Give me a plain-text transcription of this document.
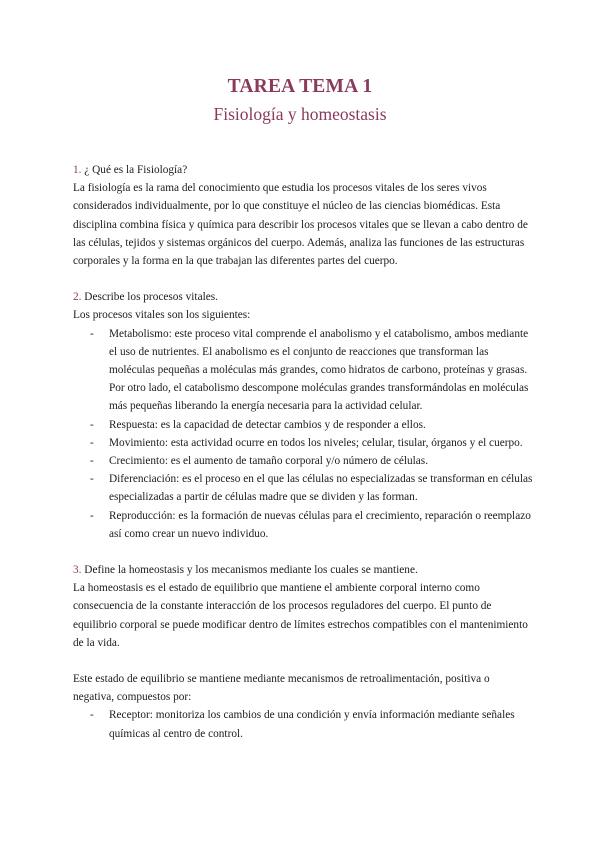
TAREA TEMA 1
Fisiología y homeostasis

1. ¿ Qué es la Fisiología?

La fisiología es la rama del conocimiento que estudia los procesos vitales de los seres vivos considerados individualmente, por lo que constituye el núcleo de las ciencias biomédicas. Esta disciplina combina física y química para describir los procesos vitales que se llevan a cabo dentro de las células, tejidos y sistemas orgánicos del cuerpo. Además, analiza las funciones de las estructuras corporales y la forma en la que trabajan las diferentes partes del cuerpo.

2. Describe los procesos vitales.

Los procesos vitales son los siguientes:

- Metabolismo: este proceso vital comprende el anabolismo y el catabolismo, ambos mediante el uso de nutrientes. El anabolismo es el conjunto de reacciones que transforman las moléculas pequeñas a moléculas más grandes, como hidratos de carbono, proteínas y grasas. Por otro lado, el catabolismo descompone moléculas grandes transformándolas en moléculas más pequeñas liberando la energía necesaria para la actividad celular.
- Respuesta: es la capacidad de detectar cambios y de responder a ellos.
- Movimiento: esta actividad ocurre en todos los niveles; celular, tisular, órganos y el cuerpo.
- Crecimiento: es el aumento de tamaño corporal y/o número de células.
- Diferenciación: es el proceso en el que las células no especializadas se transforman en células especializadas a partir de células madre que se dividen y las forman.
- Reproducción: es la formación de nuevas células para el crecimiento, reparación o reemplazo así como crear un nuevo individuo.

3. Define la homeostasis y los mecanismos mediante los cuales se mantiene.

La homeostasis es el estado de equilibrio que mantiene el ambiente corporal interno como consecuencia de la constante interacción de los procesos reguladores del cuerpo. El punto de equilibrio corporal se puede modificar dentro de límites estrechos compatibles con el mantenimiento de la vida.

Este estado de equilibrio se mantiene mediante mecanismos de retroalimentación, positiva o negativa, compuestos por:

- Receptor: monitoriza los cambios de una condición y envía información mediante señales químicas al centro de control.
